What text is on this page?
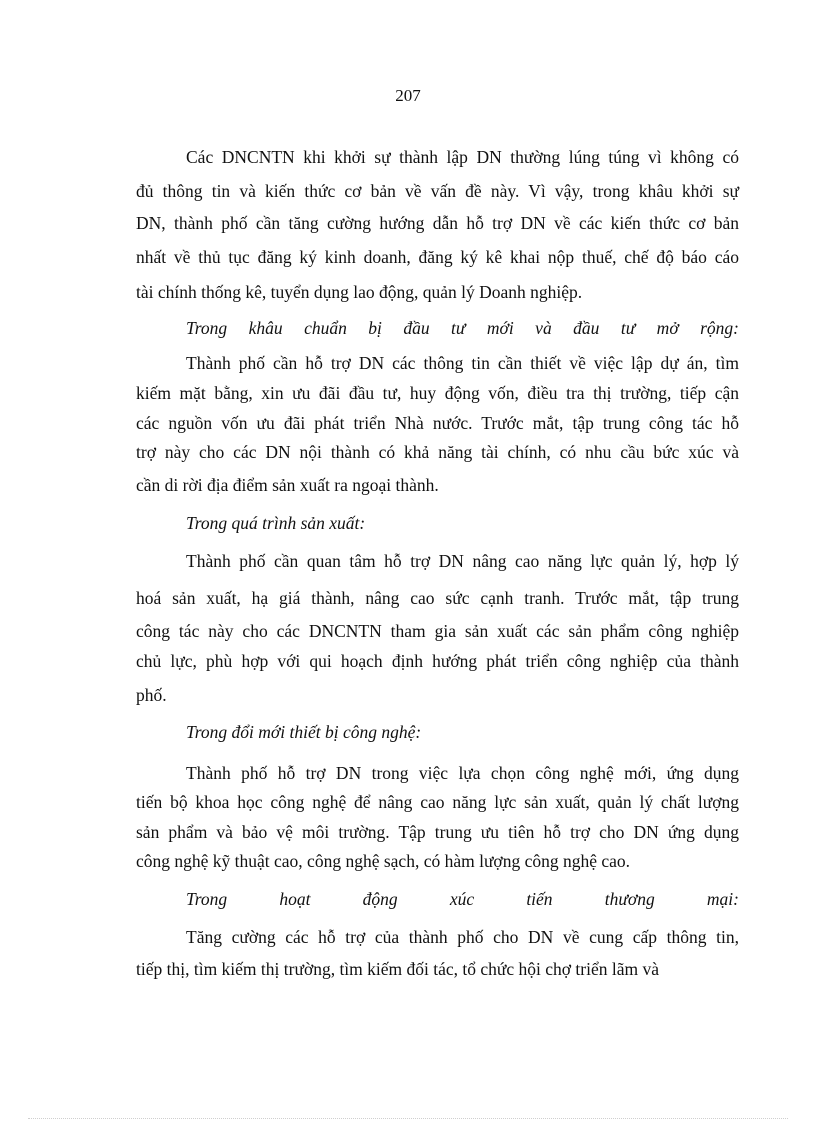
207
Các DNCNTN khi khởi sự thành lập DN thường lúng túng vì không có
đủ thông tin và kiến thức cơ bản về vấn đề này. Vì vậy, trong khâu khởi sự
DN, thành phố cần tăng cường hướng dẫn hỗ trợ DN về các kiến thức cơ bản
nhất về thủ tục đăng ký kinh doanh, đăng ký kê khai nộp thuế, chế độ báo cáo
tài chính thống kê, tuyển dụng lao động, quản lý Doanh nghiệp.
Trong khâu chuẩn bị đầu tư mới và đầu tư mở rộng:
Thành phố cần hỗ trợ DN các thông tin cần thiết về việc lập dự án, tìm
kiếm mặt bằng, xin ưu đãi đầu tư, huy động vốn, điều tra thị trường, tiếp cận
các nguồn vốn ưu đãi phát triển Nhà nước. Trước mắt, tập trung công tác hỗ
trợ này cho các DN nội thành có khả năng tài chính, có nhu cầu bức xúc và
cần di rời địa điểm sản xuất ra ngoại thành.
Trong quá trình sản xuất:
Thành phố cần quan tâm hỗ trợ DN nâng cao năng lực quản lý, hợp lý
hoá sản xuất, hạ giá thành, nâng cao sức cạnh tranh. Trước mắt, tập trung
công tác này cho các DNCNTN tham gia sản xuất các sản phẩm công nghiệp
chủ lực, phù hợp với qui hoạch định hướng phát triển công nghiệp của thành
phố.
Trong đổi mới thiết bị công nghệ:
Thành phố hỗ trợ DN trong việc lựa chọn công nghệ mới, ứng dụng
tiến bộ khoa học công nghệ để nâng cao năng lực sản xuất, quản lý chất lượng
sản phẩm và bảo vệ môi trường. Tập trung ưu tiên hỗ trợ cho DN ứng dụng
công nghệ kỹ thuật cao, công nghệ sạch, có hàm lượng công nghệ cao.
Trong hoạt động xúc tiến thương mại:
Tăng cường các hỗ trợ của thành phố cho DN về cung cấp thông tin,
tiếp thị, tìm kiếm thị trường, tìm kiếm đối tác, tổ chức hội chợ triển lãm và
